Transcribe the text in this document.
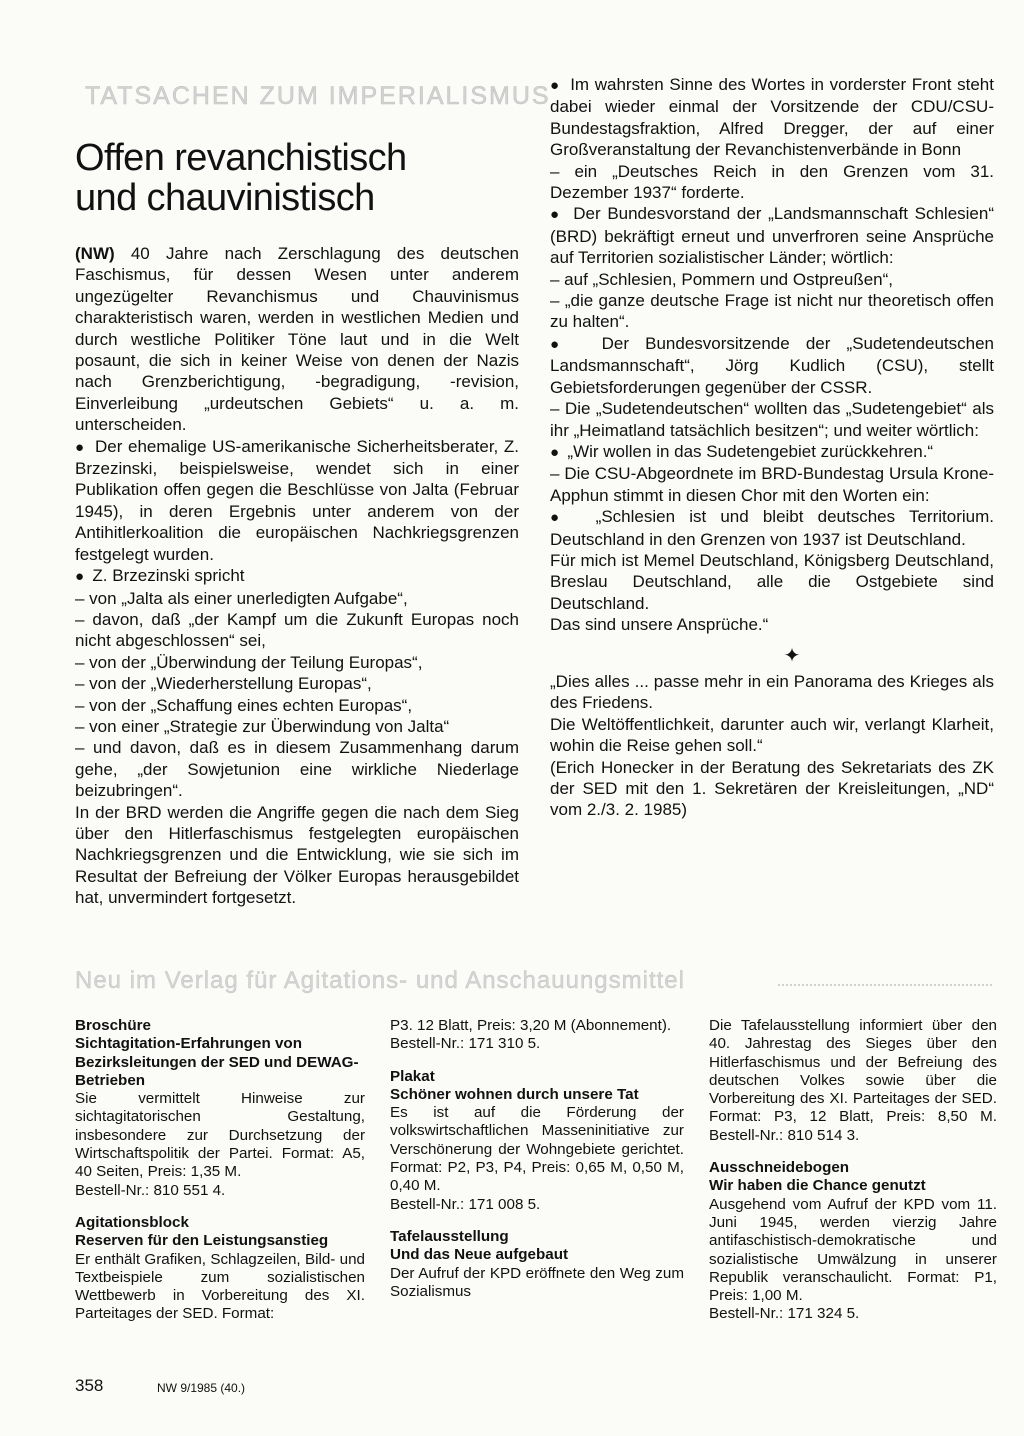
TATSACHEN ZUM IMPERIALISMUS
Offen revanchistisch
und chauvinistisch

(NW) 40 Jahre nach Zerschlagung des deutschen Faschismus, für dessen Wesen unter anderem ungezügelter Revanchismus und Chauvinismus charakteristisch waren, werden in westlichen Medien und durch westliche Politiker Töne laut und in die Welt posaunt, die sich in keiner Weise von denen der Nazis nach Grenzberichtigung, -begradigung, -revision, Einverleibung „urdeutschen Gebiets“ u. a. m. unterscheiden.

●  Der ehemalige US-amerikanische Sicherheitsberater, Z. Brzezinski, beispielsweise, wendet sich in einer Publikation offen gegen die Beschlüsse von Jalta (Februar 1945), in deren Ergebnis unter anderem von der Antihitlerkoalition die europäischen Nachkriegsgrenzen festgelegt wurden.

●  Z. Brzezinski spricht

– von „Jalta als einer unerledigten Aufgabe“,

– davon, daß „der Kampf um die Zukunft Europas noch nicht abgeschlossen“ sei,

– von der „Überwindung der Teilung Europas“,

– von der „Wiederherstellung Europas“,

– von der „Schaffung eines echten Europas“,

– von einer „Strategie zur Überwindung von Jalta“

– und davon, daß es in diesem Zusammenhang darum gehe, „der Sowjetunion eine wirkliche Niederlage beizubringen“.

In der BRD werden die Angriffe gegen die nach dem Sieg über den Hitlerfaschismus festgelegten europäischen Nachkriegsgrenzen und die Entwicklung, wie sie sich im Resultat der Befreiung der Völker Europas herausgebildet hat, unvermindert fortgesetzt.

●  Im wahrsten Sinne des Wortes in vorderster Front steht dabei wieder einmal der Vorsitzende der CDU/CSU-Bundestagsfraktion, Alfred Dregger, der auf einer Großveranstaltung der Revanchistenverbände in Bonn

– ein „Deutsches Reich in den Grenzen vom 31. Dezember 1937“ forderte.

●  Der Bundesvorstand der „Landsmannschaft Schlesien“ (BRD) bekräftigt erneut und unverfroren seine Ansprüche auf Territorien sozialistischer Länder; wörtlich:

– auf „Schlesien, Pommern und Ostpreußen“,

– „die ganze deutsche Frage ist nicht nur theoretisch offen zu halten“.

●  Der Bundesvorsitzende der „Sudetendeutschen Landsmannschaft“, Jörg Kudlich (CSU), stellt Gebietsforderungen gegenüber der CSSR.

– Die „Sudetendeutschen“ wollten das „Sudetengebiet“ als ihr „Heimatland tatsächlich besitzen“; und weiter wörtlich:

●  „Wir wollen in das Sudetengebiet zurückkehren.“

– Die CSU-Abgeordnete im BRD-Bundestag Ursula Krone-Apphun stimmt in diesen Chor mit den Worten ein:

●  „Schlesien ist und bleibt deutsches Territorium. Deutschland in den Grenzen von 1937 ist Deutschland.

Für mich ist Memel Deutschland, Königsberg Deutschland, Breslau Deutschland, alle die Ostgebiete sind Deutschland.

Das sind unsere Ansprüche.“

✦

„Dies alles ... passe mehr in ein Panorama des Krieges als des Friedens.

Die Weltöffentlichkeit, darunter auch wir, verlangt Klarheit, wohin die Reise gehen soll.“

(Erich Honecker in der Beratung des Sekretariats des ZK der SED mit den 1. Sekretären der Kreisleitungen, „ND“ vom 2./3. 2. 1985)

Neu im Verlag für Agitations- und Anschauungsmittel
Broschüre
Sichtagitation-Erfahrungen von Bezirksleitungen der SED und DEWAG-Betrieben
Sie vermittelt Hinweise zur sichtagitatorischen Gestaltung, insbesondere zur Durchsetzung der Wirtschaftspolitik der Partei. Format: A5, 40 Seiten, Preis: 1,35 M.
Bestell-Nr.: 810 551 4.
Agitationsblock
Reserven für den Leistungsanstieg
Er enthält Grafiken, Schlagzeilen, Bild- und Textbeispiele zum sozialistischen Wettbewerb in Vorbereitung des XI. Parteitages der SED. Format:
P3. 12 Blatt, Preis: 3,20 M (Abonnement).
Bestell-Nr.: 171 310 5.
Plakat
Schöner wohnen durch unsere Tat
Es ist auf die Förderung der volkswirtschaftlichen Masseninitiative zur Verschönerung der Wohngebiete gerichtet. Format: P2, P3, P4, Preis: 0,65 M, 0,50 M, 0,40 M.
Bestell-Nr.: 171 008 5.
Tafelausstellung
Und das Neue aufgebaut
Der Aufruf der KPD eröffnete den Weg zum Sozialismus
Die Tafelausstellung informiert über den 40. Jahrestag des Sieges über den Hitlerfaschismus und der Befreiung des deutschen Volkes sowie über die Vorbereitung des XI. Parteitages der SED. Format: P3, 12 Blatt, Preis: 8,50 M. Bestell-Nr.: 810 514 3.
Ausschneidebogen
Wir haben die Chance genutzt
Ausgehend vom Aufruf der KPD vom 11. Juni 1945, werden vierzig Jahre antifaschistisch-demokratische und sozialistische Umwälzung in unserer Republik veranschaulicht. Format: P1, Preis: 1,00 M.
Bestell-Nr.: 171 324 5.
358	NW 9/1985 (40.)
